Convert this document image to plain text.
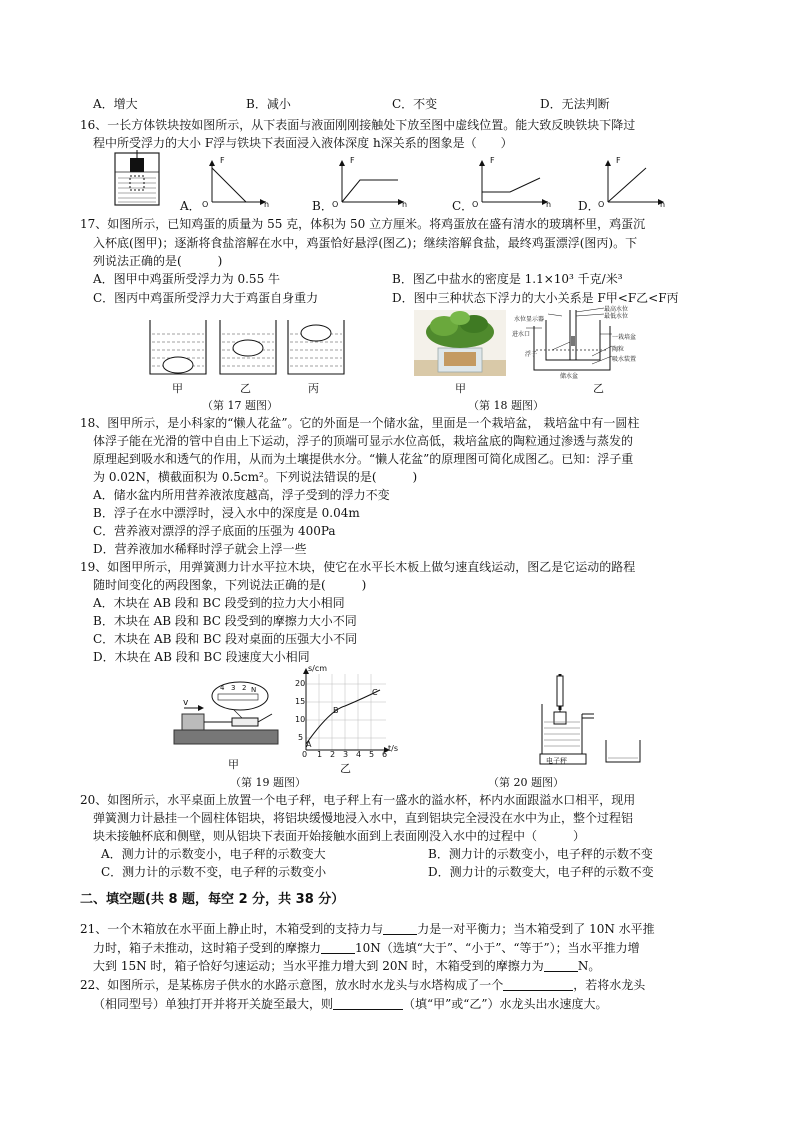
A．增大	B．减小	C．不变	D．无法判断
16、一长方体铁块按如图所示，从下表面与液面刚刚接触处下放至图中虚线位置。能大致反映铁块下降过
程中所受浮力的大小 F浮与铁块下表面浸入液体深度 h深关系的图象是（　　）
A．
F
h
O	B．
F
h
O	C．
F
h
O	D．
F
h
O
17、如图所示，已知鸡蛋的质量为 55 克，体积为 50 立方厘米。将鸡蛋放在盛有清水的玻璃杯里，鸡蛋沉
入杯底(图甲)；逐渐将食盐溶解在水中，鸡蛋恰好悬浮(图乙)；继续溶解食盐，最终鸡蛋漂浮(图丙)。下
列说法正确的是(　　　)
A．图甲中鸡蛋所受浮力为 0.55 牛	B．图乙中盐水的密度是 1.1×10³ 千克/米³
C．图丙中鸡蛋所受浮力大于鸡蛋自身重力	D．图中三种状态下浮力的大小关系是 F甲<F乙<F丙
甲	乙	丙
（第 17 题图）
甲
最高水位
最低水位
水位显示器
进水口	一栽培盆
浮子
陶粒
吸水装置
储水盆
乙
（第 18 题图）
18、图甲所示，是小科家的“懒人花盆”。它的外面是一个储水盆，里面是一个栽培盆， 栽培盆中有一圆柱
体浮子能在光滑的管中自由上下运动，浮子的顶端可显示水位高低，栽培盆底的陶粒通过渗透与蒸发的
原理起到吸水和透气的作用，从而为土壤提供水分。“懒人花盆”的原理图可简化成图乙。已知：浮子重
为 0.02N，横截面积为 0.5cm²。下列说法错误的是(　　　)
A．储水盆内所用营养液浓度越高，浮子受到的浮力不变
B．浮子在水中漂浮时，浸入水中的深度是 0.04m
C．营养液对漂浮的浮子底面的压强为 400Pa
D．营养液加水稀释时浮子就会上浮一些
19、如图甲所示，用弹簧测力计水平拉木块，使它在水平长木板上做匀速直线运动，图乙是它运动的路程
随时间变化的两段图象，下列说法正确的是(　　　)
A．木块在 AB 段和 BC 段受到的拉力大小相同
B．木块在 AB 段和 BC 段受到的摩擦力大小不同
C．木块在 AB 段和 BC 段对桌面的压强大小不同
D．木块在 AB 段和 BC 段速度大小相同
v
4 3 2 N
甲
s/cm
t/s
20
15
10
5
0 1 2 3 4 5 6
A
B
C
乙
（第 19 题图）
电子秤
（第 20 题图）
20、如图所示，水平桌面上放置一个电子秤，电子秤上有一盛水的溢水杯，杯内水面跟溢水口相平，现用
弹簧测力计悬挂一个圆柱体铝块，将铝块缓慢地浸入水中，直到铝块完全浸没在水中为止，整个过程铝
块未接触杯底和侧壁，则从铝块下表面开始接触水面到上表面刚没入水中的过程中（　　　）
A．测力计的示数变小，电子秤的示数变大	B．测力计的示数变小，电子秤的示数不变
C．测力计的示数不变，电子秤的示数变小	D．测力计的示数变大，电子秤的示数不变
二、填空题(共 8 题，每空 2 分，共 38 分）
21、一个木箱放在水平面上静止时，木箱受到的支持力与	力是一对平衡力；当木箱受到了 10N 水平推
力时，箱子未推动，这时箱子受到的摩擦力	10N（选填“大于”、“小于”、“等于”）；当水平推力增
大到 15N 时，箱子恰好匀速运动；当水平推力增大到 20N 时，木箱受到的摩擦力为	N。
22、如图所示，是某栋房子供水的水路示意图，放水时水龙头与水塔构成了一个	，若将水龙头
（相同型号）单独打开并将开关旋至最大，则	（填“甲”或“乙”）水龙头出水速度大。
